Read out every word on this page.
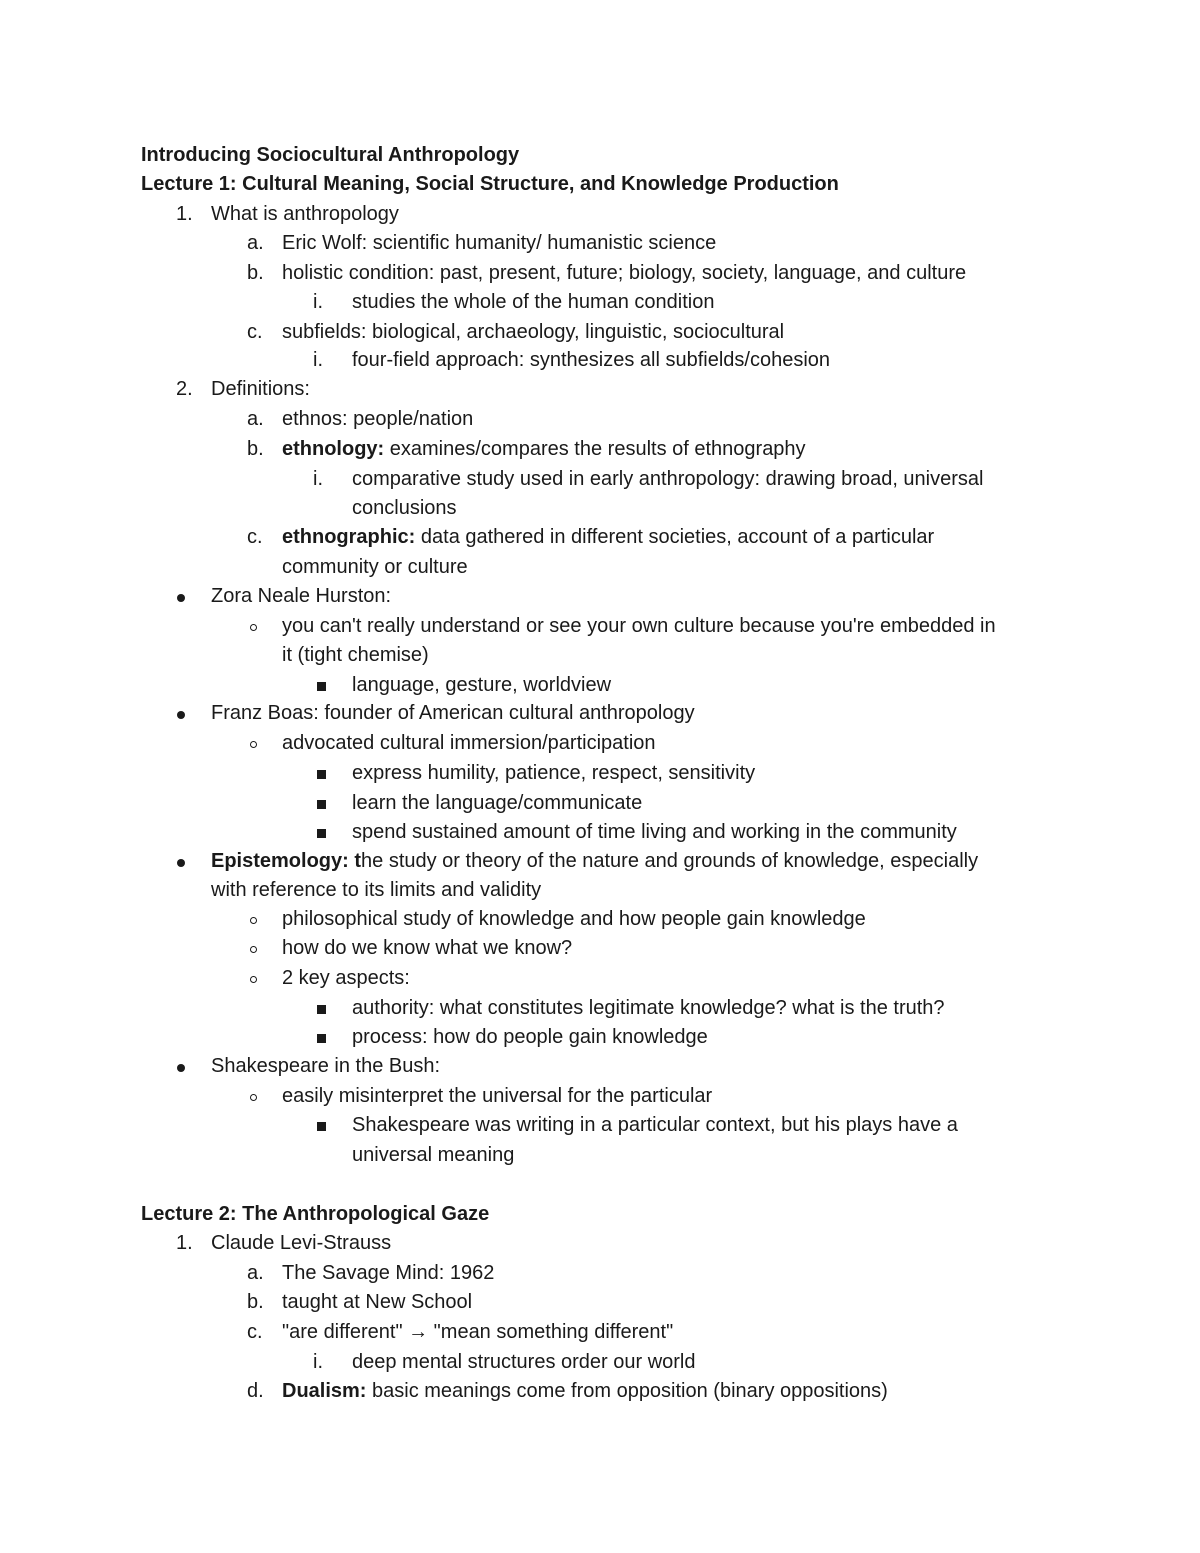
Introducing Sociocultural Anthropology
Lecture 1: Cultural Meaning, Social Structure, and Knowledge Production
1. What is anthropology
a. Eric Wolf: scientific humanity/ humanistic science
b. holistic condition: past, present, future; biology, society, language, and culture
i. studies the whole of the human condition
c. subfields: biological, archaeology, linguistic, sociocultural
i. four-field approach: synthesizes all subfields/cohesion
2. Definitions:
a. ethnos: people/nation
b. ethnology: examines/compares the results of ethnography
i. comparative study used in early anthropology: drawing broad, universal
conclusions
c. ethnographic: data gathered in different societies, account of a particular
community or culture
Zora Neale Hurston:
you can't really understand or see your own culture because you're embedded in
it (tight chemise)
language, gesture, worldview
Franz Boas: founder of American cultural anthropology
advocated cultural immersion/participation
express humility, patience, respect, sensitivity
learn the language/communicate
spend sustained amount of time living and working in the community
Epistemology: the study or theory of the nature and grounds of knowledge, especially
with reference to its limits and validity
philosophical study of knowledge and how people gain knowledge
how do we know what we know?
2 key aspects:
authority: what constitutes legitimate knowledge? what is the truth?
process: how do people gain knowledge
Shakespeare in the Bush:
easily misinterpret the universal for the particular
Shakespeare was writing in a particular context, but his plays have a
universal meaning
Lecture 2: The Anthropological Gaze
1. Claude Levi-Strauss
a. The Savage Mind: 1962
b. taught at New School
c. "are different" → "mean something different"
i. deep mental structures order our world
d. Dualism: basic meanings come from opposition (binary oppositions)
